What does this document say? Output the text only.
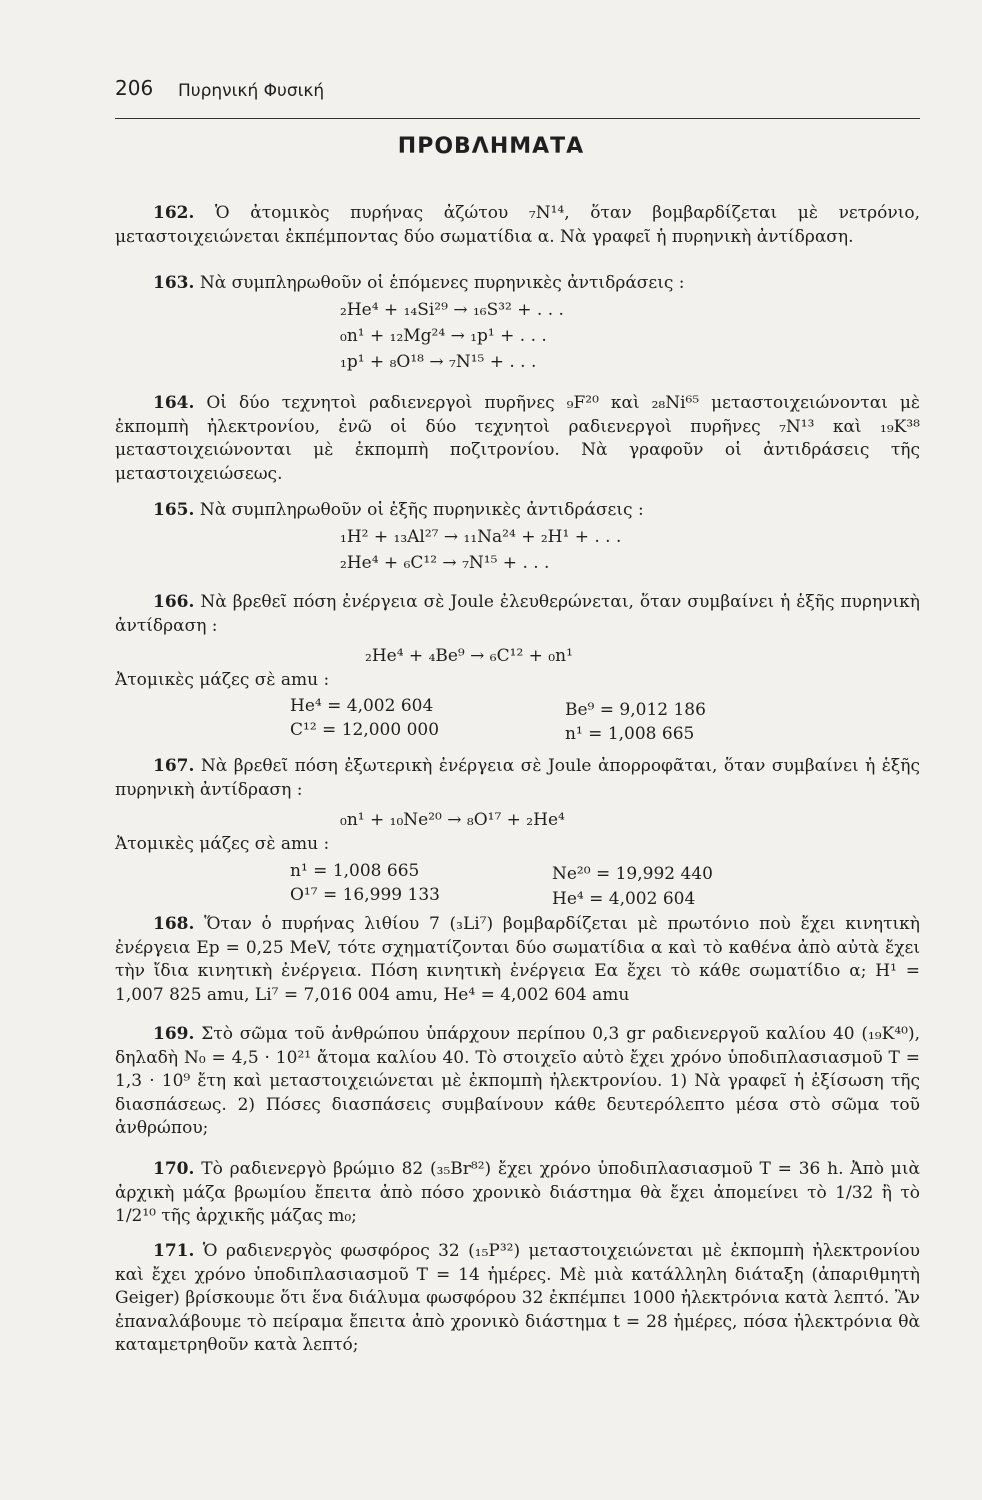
206 Πυρηνική Φυσική
ΠΡΟΒΛΗΜΑΤΑ
162. Ὁ ἀτομικὸς πυρήνας ἀζώτου ₇N¹⁴, ὅταν βομβαρδίζεται μὲ νετρόνιο, μεταστοιχειώνεται ἐκπέμποντας δύο σωματίδια α. Νὰ γραφεῖ ἡ πυρηνικὴ ἀντίδραση.
163. Νὰ συμπληρωθοῦν οἱ ἑπόμενες πυρηνικὲς ἀντιδράσεις :
₂He⁴ + ₁₄Si²⁹ → ₁₆S³² + . . .
₀n¹ + ₁₂Mg²⁴ → ₁p¹ + . . .
₁p¹ + ₈O¹⁸ → ₇N¹⁵ + . . .
164. Οἱ δύο τεχνητοὶ ραδιενεργοὶ πυρῆνες ₉F²⁰ καὶ ₂₈Ni⁶⁵ μεταστοιχειώνονται μὲ ἐκπομπὴ ἠλεκτρονίου, ἐνῶ οἱ δύο τεχνητοὶ ραδιενεργοὶ πυρῆνες ₇N¹³ καὶ ₁₉K³⁸ μεταστοιχειώνονται μὲ ἐκπομπὴ ποζιτρονίου. Νὰ γραφοῦν οἱ ἀντιδράσεις τῆς μεταστοιχειώσεως.
165. Νὰ συμπληρωθοῦν οἱ ἑξῆς πυρηνικὲς ἀντιδράσεις :
₁H² + ₁₃Al²⁷ → ₁₁Na²⁴ + ₂H¹ + . . .
₂He⁴ + ₆C¹² → ₇N¹⁵ + . . .
166. Νὰ βρεθεῖ πόση ἐνέργεια σὲ Joule ἐλευθερώνεται, ὅταν συμβαίνει ἡ ἑξῆς πυρηνικὴ ἀντίδραση :
₂He⁴ + ₄Be⁹ → ₆C¹² + ₀n¹
Ἀτομικὲς μάζες σὲ amu :
He⁴ = 4,002 604	Be⁹ = 9,012 186
C¹² = 12,000 000	n¹ = 1,008 665
167. Νὰ βρεθεῖ πόση ἐξωτερικὴ ἐνέργεια σὲ Joule ἀπορροφᾶται, ὅταν συμβαίνει ἡ ἑξῆς πυρηνικὴ ἀντίδραση :
₀n¹ + ₁₀Ne²⁰ → ₈O¹⁷ + ₂He⁴
Ἀτομικὲς μάζες σὲ amu :
n¹ = 1,008 665	Ne²⁰ = 19,992 440
O¹⁷ = 16,999 133	He⁴ = 4,002 604
168. Ὅταν ὁ πυρήνας λιθίου 7 (₃Li⁷) βομβαρδίζεται μὲ πρωτόνιο ποὺ ἔχει κινητικὴ ἐνέργεια Ep = 0,25 MeV, τότε σχηματίζονται δύο σωματίδια α καὶ τὸ καθένα ἀπὸ αὐτὰ ἔχει τὴν ἴδια κινητικὴ ἐνέργεια. Πόση κινητικὴ ἐνέργεια Eα ἔχει τὸ κάθε σωματίδιο α; H¹ = 1,007 825 amu, Li⁷ = 7,016 004 amu, He⁴ = 4,002 604 amu
169. Στὸ σῶμα τοῦ ἀνθρώπου ὑπάρχουν περίπου 0,3 gr ραδιενεργοῦ καλίου 40 (₁₉K⁴⁰), δηλαδὴ N₀ = 4,5 · 10²¹ ἄτομα καλίου 40. Τὸ στοιχεῖο αὐτὸ ἔχει χρόνο ὑποδιπλασιασμοῦ T = 1,3 · 10⁹ ἔτη καὶ μεταστοιχειώνεται μὲ ἐκπομπὴ ἠλεκτρονίου. 1) Νὰ γραφεῖ ἡ ἐξίσωση τῆς διασπάσεως. 2) Πόσες διασπάσεις συμβαίνουν κάθε δευτερόλεπτο μέσα στὸ σῶμα τοῦ ἀνθρώπου;
170. Τὸ ραδιενεργὸ βρώμιο 82 (₃₅Br⁸²) ἔχει χρόνο ὑποδιπλασιασμοῦ T = 36 h. Ἀπὸ μιὰ ἀρχικὴ μάζα βρωμίου ἔπειτα ἀπὸ πόσο χρονικὸ διάστημα θὰ ἔχει ἀπομείνει τὸ 1/32 ἢ τὸ 1/2¹⁰ τῆς ἀρχικῆς μάζας m₀;
171. Ὁ ραδιενεργὸς φωσφόρος 32 (₁₅P³²) μεταστοιχειώνεται μὲ ἐκπομπὴ ἠλεκτρονίου καὶ ἔχει χρόνο ὑποδιπλασιασμοῦ T = 14 ἡμέρες. Μὲ μιὰ κατάλληλη διάταξη (ἀπαριθμητὴ Geiger) βρίσκουμε ὅτι ἕνα διάλυμα φωσφόρου 32 ἐκπέμπει 1000 ἠλεκτρόνια κατὰ λεπτό. Ἂν ἐπαναλάβουμε τὸ πείραμα ἔπειτα ἀπὸ χρονικὸ διάστημα t = 28 ἡμέρες, πόσα ἠλεκτρόνια θὰ καταμετρηθοῦν κατὰ λεπτό;
